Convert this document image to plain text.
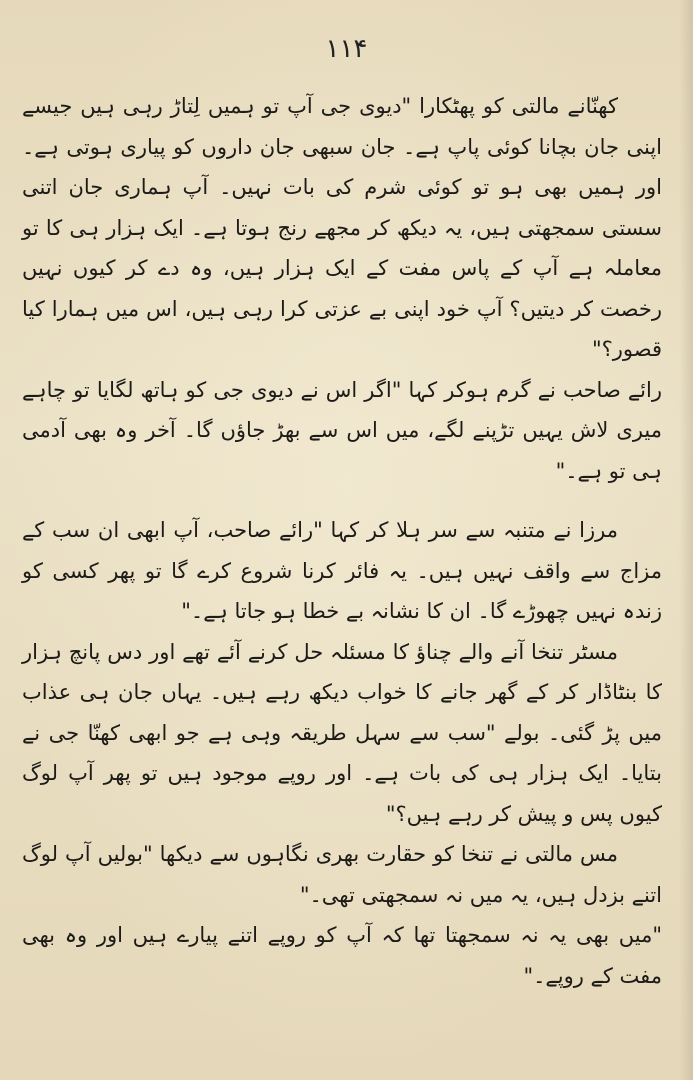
۱۱۴

کھنّانے مالتی کو پھٹکارا "دیوی جی آپ تو ہمیں لِتاڑ رہی ہیں جیسے اپنی جان بچانا کوئی پاپ ہے۔ جان سبھی جان داروں کو پیاری ہوتی ہے۔ اور ہمیں بھی ہو تو کوئی شرم کی بات نہیں۔ آپ ہماری جان اتنی سستی سمجھتی ہیں، یہ دیکھ کر مجھے رنج ہوتا ہے۔ ایک ہزار ہی کا تو معاملہ ہے آپ کے پاس مفت کے ایک ہزار ہیں، وہ دے کر کیوں نہیں رخصت کر دیتیں؟ آپ خود اپنی بے عزتی کرا رہی ہیں، اس میں ہمارا کیا قصور؟"

رائے صاحب نے گرم ہوکر کہا "اگر اس نے دیوی جی کو ہاتھ لگایا تو چاہے میری لاش یہیں تڑپنے لگے، میں اس سے بھڑ جاؤں گا۔ آخر وہ بھی آدمی ہی تو ہے۔"

مرزا نے متنبہ سے سر ہلا کر کہا "رائے صاحب، آپ ابھی ان سب کے مزاج سے واقف نہیں ہیں۔ یہ فائر کرنا شروع کرے گا تو پھر کسی کو زندہ نہیں چھوڑے گا۔ ان کا نشانہ بے خطا ہو جاتا ہے۔"

مسٹر تنخا آنے والے چناؤ کا مسئلہ حل کرنے آئے تھے اور دس پانچ ہزار کا بنٹاڈار کر کے گھر جانے کا خواب دیکھ رہے ہیں۔ یہاں جان ہی عذاب میں پڑ گئی۔ بولے "سب سے سہل طریقہ وہی ہے جو ابھی کھنّا جی نے بتایا۔ ایک ہزار ہی کی بات ہے۔ اور روپے موجود ہیں تو پھر آپ لوگ کیوں پس و پیش کر رہے ہیں؟"

مس مالتی نے تنخا کو حقارت بھری نگاہوں سے دیکھا "بولیں آپ لوگ اتنے بزدل ہیں، یہ میں نہ سمجھتی تھی۔"

"میں بھی یہ نہ سمجھتا تھا کہ آپ کو روپے اتنے پیارے ہیں اور وہ بھی مفت کے روپے۔"
